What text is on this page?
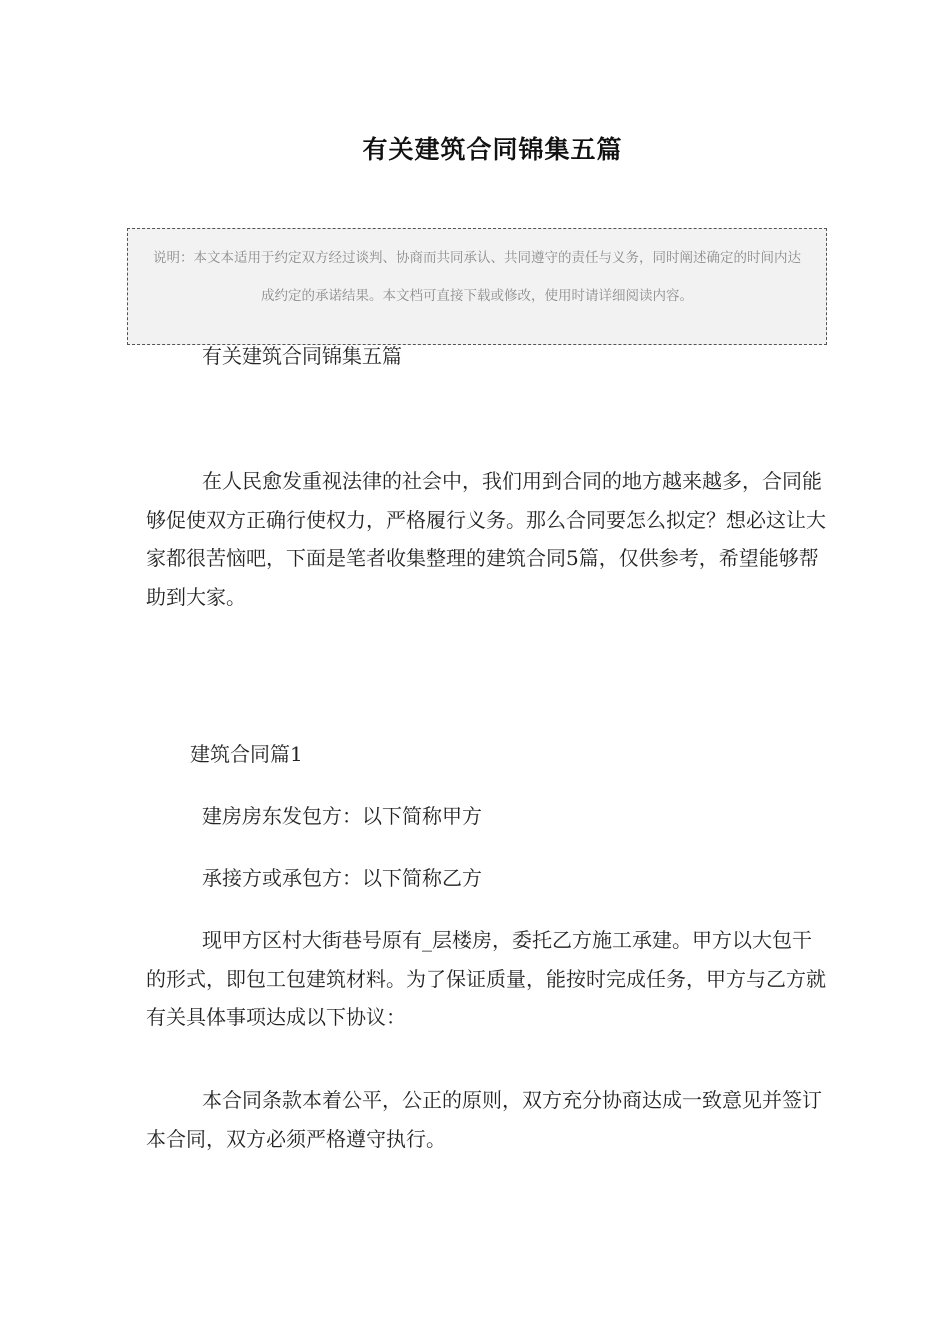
有关建筑合同锦集五篇
说明：本文本适用于约定双方经过谈判、协商而共同承认、共同遵守的责任与义务，同时阐述确定的时间内达成约定的承诺结果。本文档可直接下载或修改，使用时请详细阅读内容。

有关建筑合同锦集五篇

在人民愈发重视法律的社会中，我们用到合同的地方越来越多，合同能够促使双方正确行使权力，严格履行义务。那么合同要怎么拟定？想必这让大家都很苦恼吧，下面是笔者收集整理的建筑合同5篇，仅供参考，希望能够帮助到大家。

建筑合同篇1

建房房东发包方：以下简称甲方

承接方或承包方：以下简称乙方

现甲方区村大街巷号原有_层楼房，委托乙方施工承建。甲方以大包干的形式，即包工包建筑材料。为了保证质量，能按时完成任务，甲方与乙方就有关具体事项达成以下协议：

本合同条款本着公平，公正的原则，双方充分协商达成一致意见并签订本合同，双方必须严格遵守执行。
